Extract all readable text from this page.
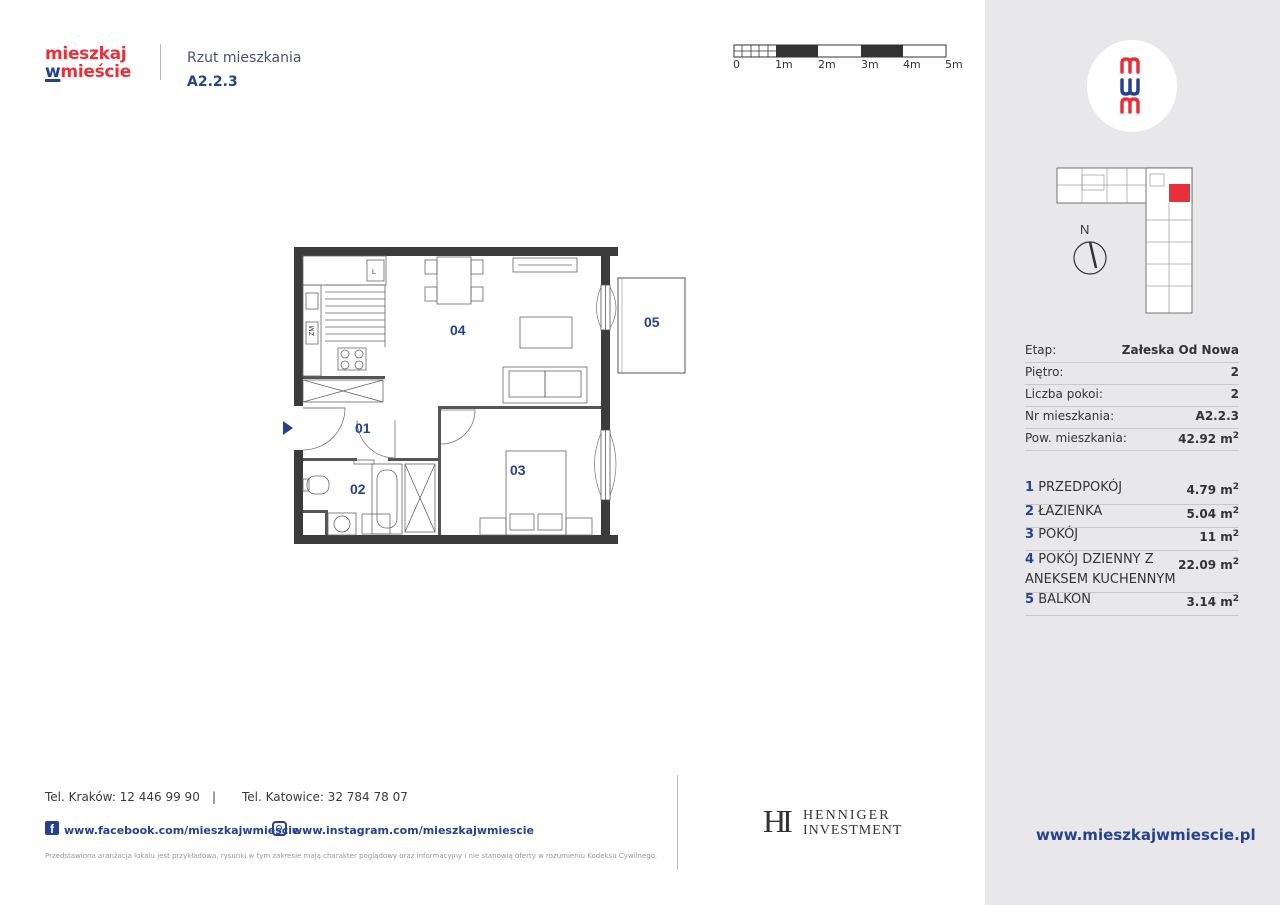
mieszkaj
wmieście
Rzut mieszkania
A2.2.3
0	1m 2m 3m 4m 5m
L
ZM	04	05
01
03
02
N
Etap:	Załeska Od Nowa
Piętro:	2
Liczba pokoi:	2
Nr mieszkania:	A2.2.3
Pow. mieszkania:	42.92 $m^2$
1 PRZEDPOKÓJ	4.79 $m^2$
2 ŁAZIENKA	5.04 $m^2$
3 POKÓJ	11 $m^2$
4 POKÓJ DZIENNY Z
ANEKSEM KUCHENNYM
22.09 $m^2$
5 BALKON	3.14 $m^2$
Tel. Kraków: 12 446 99 90 | Tel. Katowice: 32 784 78 07
f www.facebook.com/mieszkajwmiescie
www.instagram.com/mieszkajwmiescie
Przedstawiona aranżacja lokalu jest przykładowa, rysunki w tym zakresie mają charakter poglądowy oraz informacyjny i nie stanowią oferty w rozumieniu Kodeksu Cywilnego.
HI HENNIGER
INVESTMENT	www.mieszkajwmiescie.pl
